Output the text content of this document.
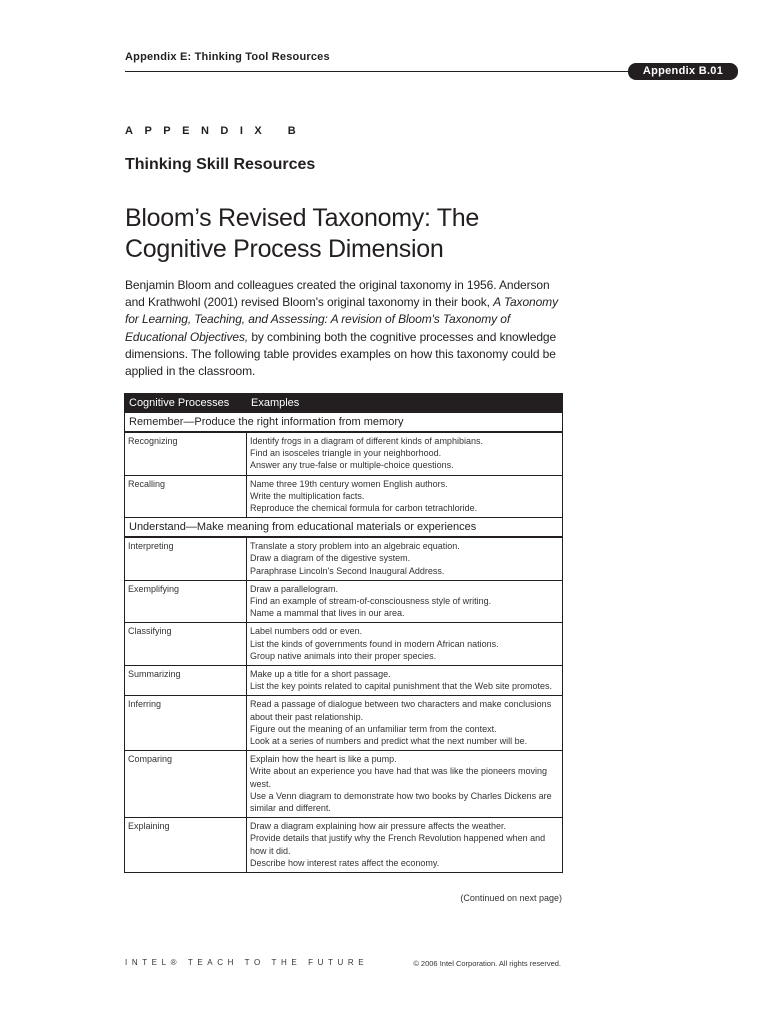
Appendix E: Thinking Tool Resources
Appendix B.01
APPENDIX B
Thinking Skill Resources
Bloom’s Revised Taxonomy: The Cognitive Process Dimension
Benjamin Bloom and colleagues created the original taxonomy in 1956. Anderson and Krathwohl (2001) revised Bloom's original taxonomy in their book, A Taxonomy for Learning, Teaching, and Assessing: A revision of Bloom's Taxonomy of Educational Objectives, by combining both the cognitive processes and knowledge dimensions. The following table provides examples on how this taxonomy could be applied in the classroom.
Cognitive Processes	Examples
Remember—Produce the right information from memory	
Recognizing	Identify frogs in a diagram of different kinds of amphibians.
Find an isosceles triangle in your neighborhood.
Answer any true-false or multiple-choice questions.

Recalling	Name three 19th century women English authors.
Write the multiplication facts.
Reproduce the chemical formula for carbon tetrachloride.

Understand—Make meaning from educational materials or experiences	
Interpreting	Translate a story problem into an algebraic equation.
Draw a diagram of the digestive system.
Paraphrase Lincoln's Second Inaugural Address.

Exemplifying	Draw a parallelogram.
Find an example of stream-of-consciousness style of writing.
Name a mammal that lives in our area.

Classifying	Label numbers odd or even.
List the kinds of governments found in modern African nations.
Group native animals into their proper species.

Summarizing	Make up a title for a short passage.
List the key points related to capital punishment that the Web site promotes.

Inferring	Read a passage of dialogue between two characters and make conclusions about their past relationship.
Figure out the meaning of an unfamiliar term from the context.
Look at a series of numbers and predict what the next number will be.

Comparing	Explain how the heart is like a pump.
Write about an experience you have had that was like the pioneers moving west.
Use a Venn diagram to demonstrate how two books by Charles Dickens are similar and different.

Explaining	Draw a diagram explaining how air pressure affects the weather.
Provide details that justify why the French Revolution happened when and how it did.
Describe how interest rates affect the economy.
(Continued on next page)
INTEL® TEACH TO THE FUTURE	© 2006 Intel Corporation. All rights reserved.
